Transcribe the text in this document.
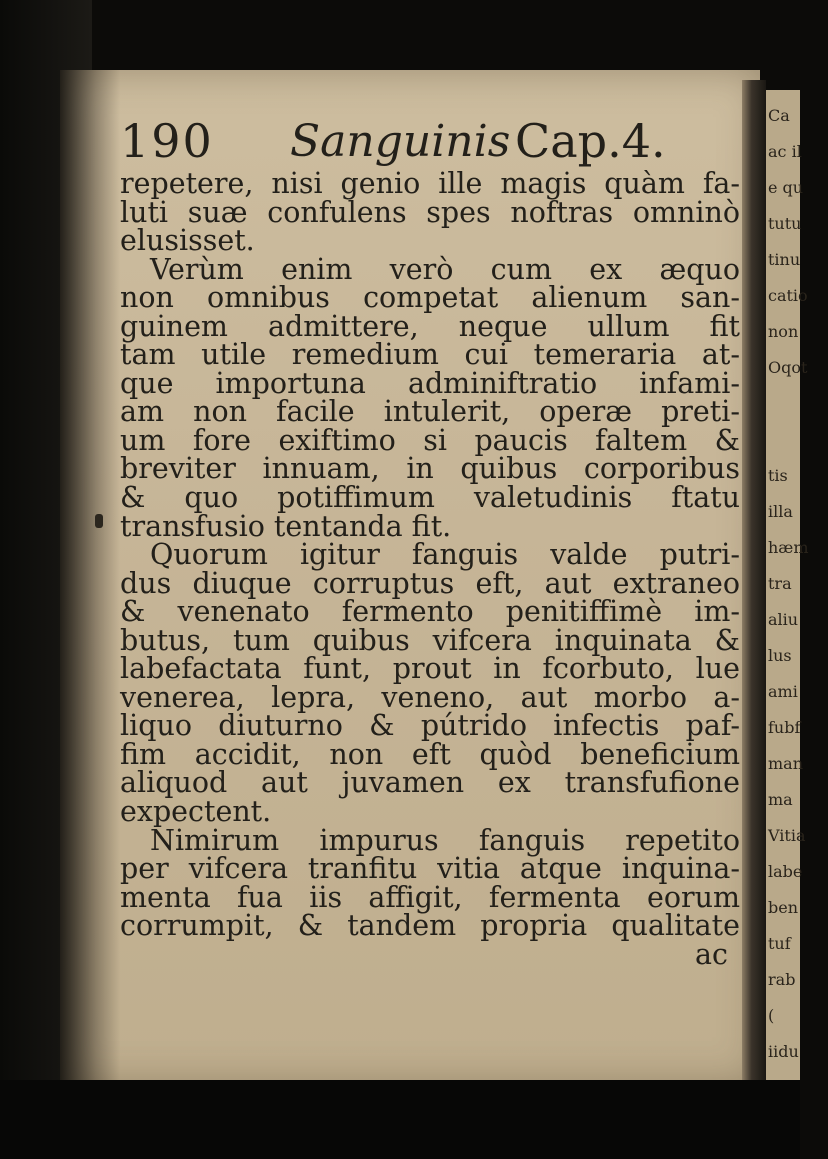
Ca
ac il
e qu
tutu
tinu
catio
non
Oqot

tis
illa
hæm
tra
aliu
lus
ami
fubf
man
ma
Vitia
labe
ben
tuf
rab
(
iidu
190 Sanguinis Cap.4.
repetere, nisi genio ille magis quàm fa-
luti suæ confulens spes noftras omninò
elusisset.
Verùm enim verò cum ex æquo
non omnibus competat alienum san-
guinem admittere, neque ullum fit
tam utile remedium cui temeraria at-
que importuna adminiftratio infami-
am non facile intulerit, operæ preti-
um fore exiftimo si paucis faltem &
breviter innuam, in quibus corporibus
& quo potiffimum valetudinis ftatu
transfusio tentanda fit.
Quorum igitur fanguis valde putri-
dus diuque corruptus eft, aut extraneo
& venenato fermento penitiffimè im-
butus, tum quibus vifcera inquinata &
labefactata funt, prout in fcorbuto, lue
venerea, lepra, veneno, aut morbo a-
liquo diuturno & pútrido infectis paf-
fim accidit, non eft quòd beneficium
aliquod aut juvamen ex transfufione
expectent.
Nimirum impurus fanguis repetito
per vifcera tranfitu vitia atque inquina-
menta fua iis affigit, fermenta eorum
corrumpit, & tandem propria qualitate
ac
